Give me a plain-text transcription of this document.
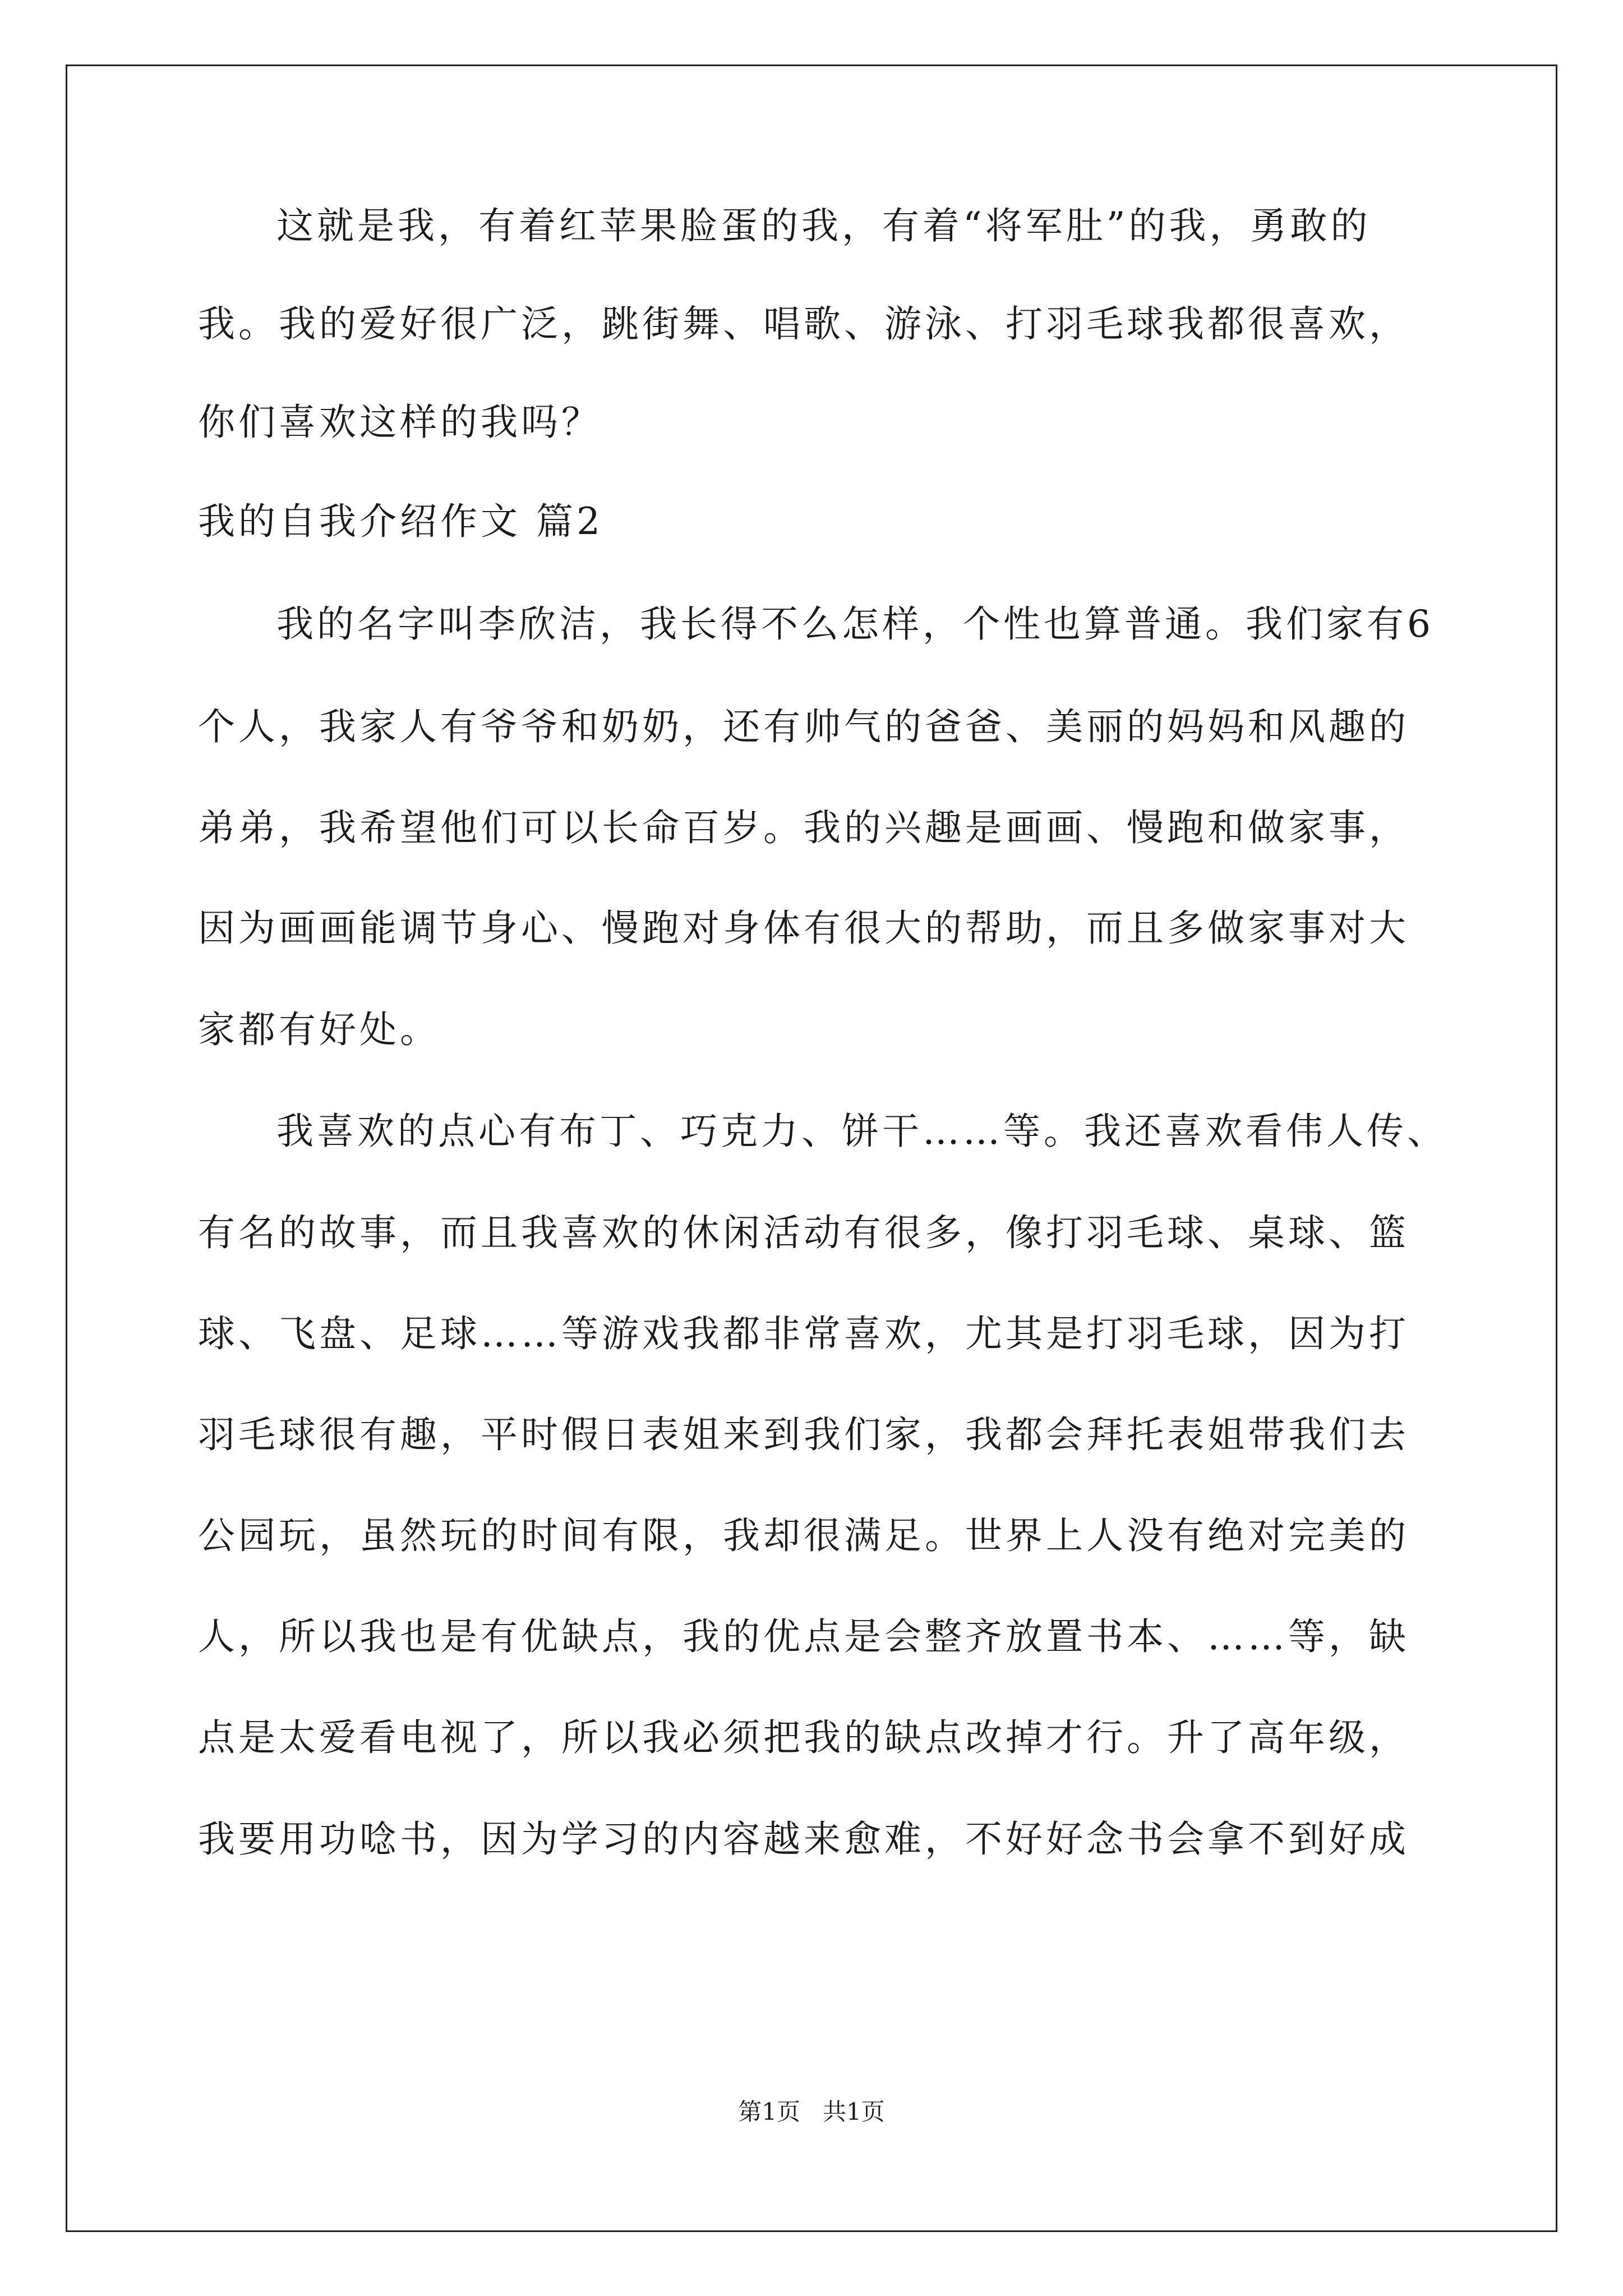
这就是我，有着红苹果脸蛋的我，有着“将军肚”的我，勇敢的

我。我的爱好很广泛，跳街舞、唱歌、游泳、打羽毛球我都很喜欢，

你们喜欢这样的我吗？

我的自我介绍作文 篇2

我的名字叫李欣洁，我长得不么怎样，个性也算普通。我们家有6

个人，我家人有爷爷和奶奶，还有帅气的爸爸、美丽的妈妈和风趣的

弟弟，我希望他们可以长命百岁。我的兴趣是画画、慢跑和做家事，

因为画画能调节身心、慢跑对身体有很大的帮助，而且多做家事对大

家都有好处。

我喜欢的点心有布丁、巧克力、饼干……等。我还喜欢看伟人传、

有名的故事，而且我喜欢的休闲活动有很多，像打羽毛球、桌球、篮

球、飞盘、足球……等游戏我都非常喜欢，尤其是打羽毛球，因为打

羽毛球很有趣，平时假日表姐来到我们家，我都会拜托表姐带我们去

公园玩，虽然玩的时间有限，我却很满足。世界上人没有绝对完美的

人，所以我也是有优缺点，我的优点是会整齐放置书本、……等，缺

点是太爱看电视了，所以我必须把我的缺点改掉才行。升了高年级，

我要用功唸书，因为学习的内容越来愈难，不好好念书会拿不到好成

第1页   共1页
